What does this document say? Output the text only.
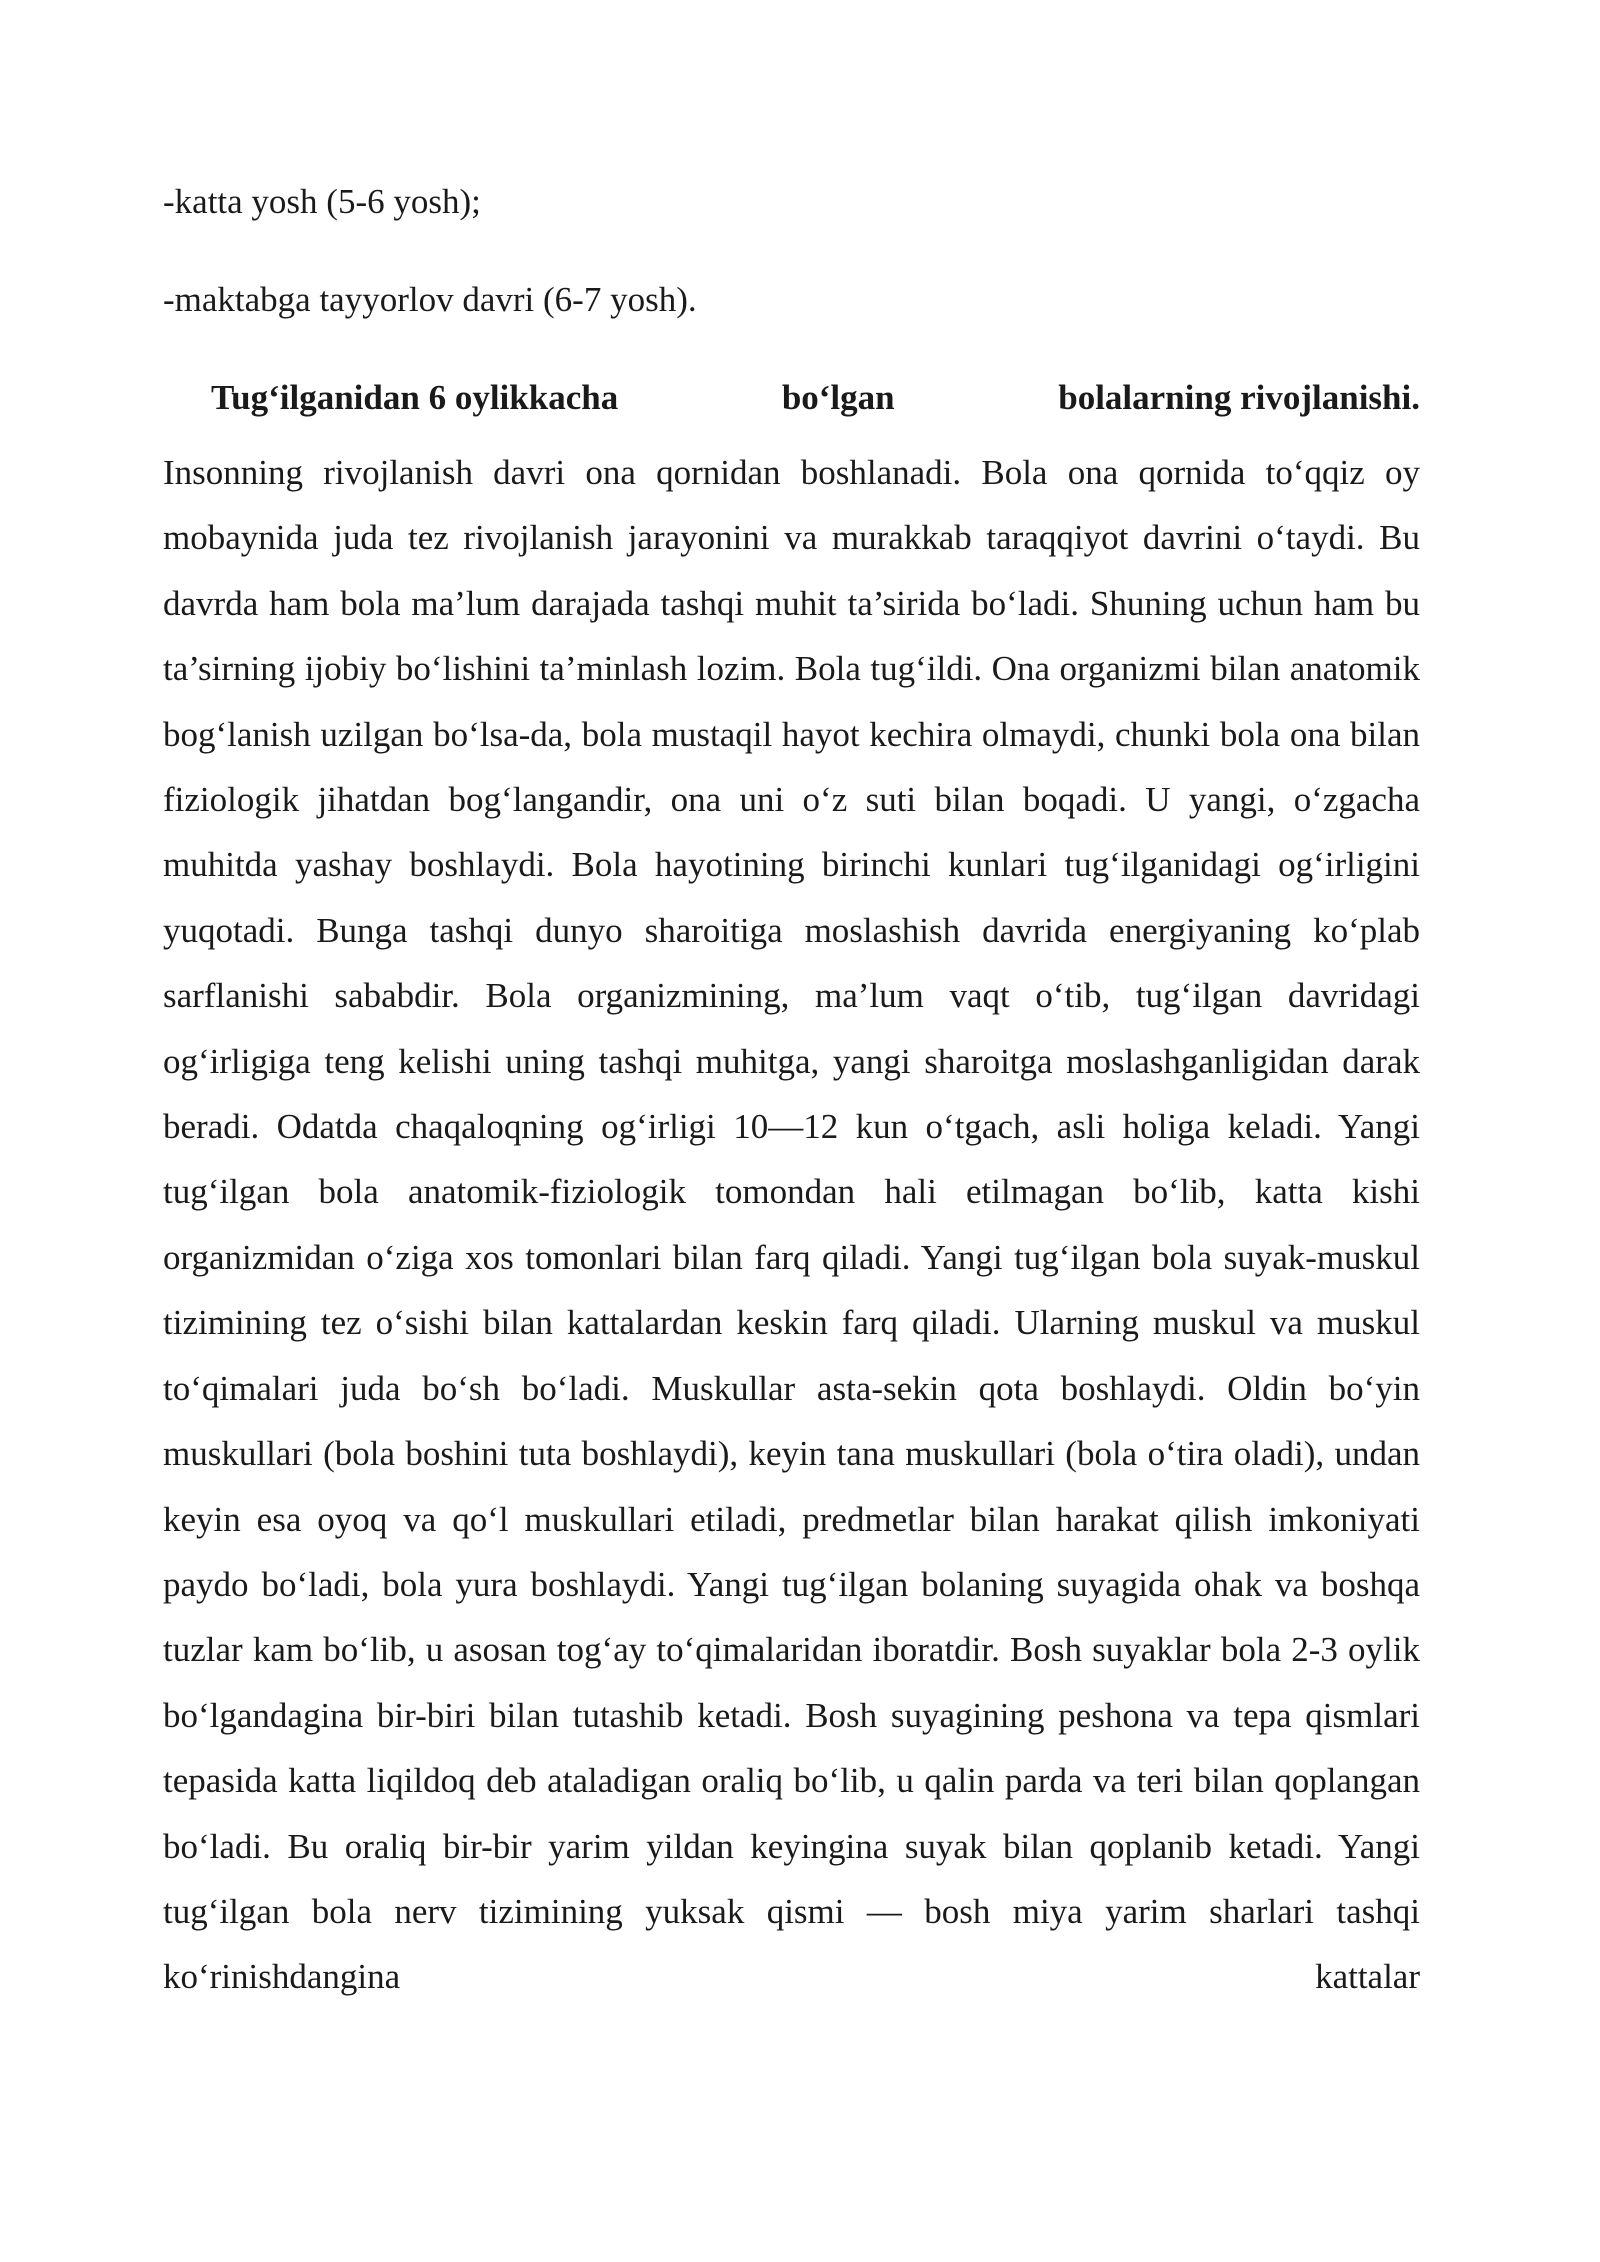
-katta yosh (5-6 yosh);

-maktabga tayyorlov davri (6-7 yosh).

Tug‘ilganidan 6 oylikkacha	bo‘lgan	bolalarning rivojlanishi.

Insonning rivojlanish davri ona qornidan boshlanadi. Bola ona qornida to‘qqiz oy mobaynida juda tez rivojlanish jarayonini va murakkab taraqqiyot davrini o‘taydi. Bu davrda ham bola ma’lum darajada tashqi muhit ta’sirida bo‘ladi. Shuning uchun ham bu ta’sirning ijobiy bo‘lishini ta’minlash lozim. Bola tug‘ildi. Ona organizmi bilan anatomik bog‘lanish uzilgan bo‘lsa-da, bola mustaqil hayot kechira olmaydi, chunki bola ona bilan fiziologik jihatdan bog‘langandir, ona uni o‘z suti bilan boqadi. U yangi, o‘zgacha muhitda yashay boshlaydi. Bola hayotining birinchi kunlari tug‘ilganidagi og‘irligini yuqotadi. Bunga tashqi dunyo sharoitiga moslashish davrida energiyaning ko‘plab sarflanishi sababdir. Bola organizmining, ma’lum vaqt o‘tib, tug‘ilgan davridagi og‘irligiga teng kelishi uning tashqi muhitga, yangi sharoitga moslashganligidan darak beradi. Odatda chaqaloqning og‘irligi 10—12 kun o‘tgach, asli holiga keladi. Yangi tug‘ilgan bola anatomik-fiziologik tomondan hali etilmagan bo‘lib, katta kishi organizmidan o‘ziga xos tomonlari bilan farq qiladi. Yangi tug‘ilgan bola suyak-muskul tizimining tez o‘sishi bilan kattalardan keskin farq qiladi. Ularning muskul va muskul to‘qimalari juda bo‘sh bo‘ladi. Muskullar asta-sekin qota boshlaydi. Oldin bo‘yin muskullari (bola boshini tuta boshlaydi), keyin tana muskullari (bola o‘tira oladi), undan keyin esa oyoq va qo‘l muskullari etiladi, predmetlar bilan harakat qilish imkoniyati paydo bo‘ladi, bola yura boshlaydi. Yangi tug‘ilgan bolaning suyagida ohak va boshqa tuzlar kam bo‘lib, u asosan tog‘ay to‘qimalaridan iboratdir. Bosh suyaklar bola 2-3 oylik bo‘lgandagina bir-biri bilan tutashib ketadi. Bosh suyagining peshona va tepa qismlari tepasida katta liqildoq deb ataladigan oraliq bo‘lib, u qalin parda va teri bilan qoplangan bo‘ladi. Bu oraliq bir-bir yarim yildan keyingina suyak bilan qoplanib ketadi. Yangi tug‘ilgan bola nerv tizimining yuksak qismi — bosh miya yarim sharlari tashqi ko‘rinishdangina kattalar
